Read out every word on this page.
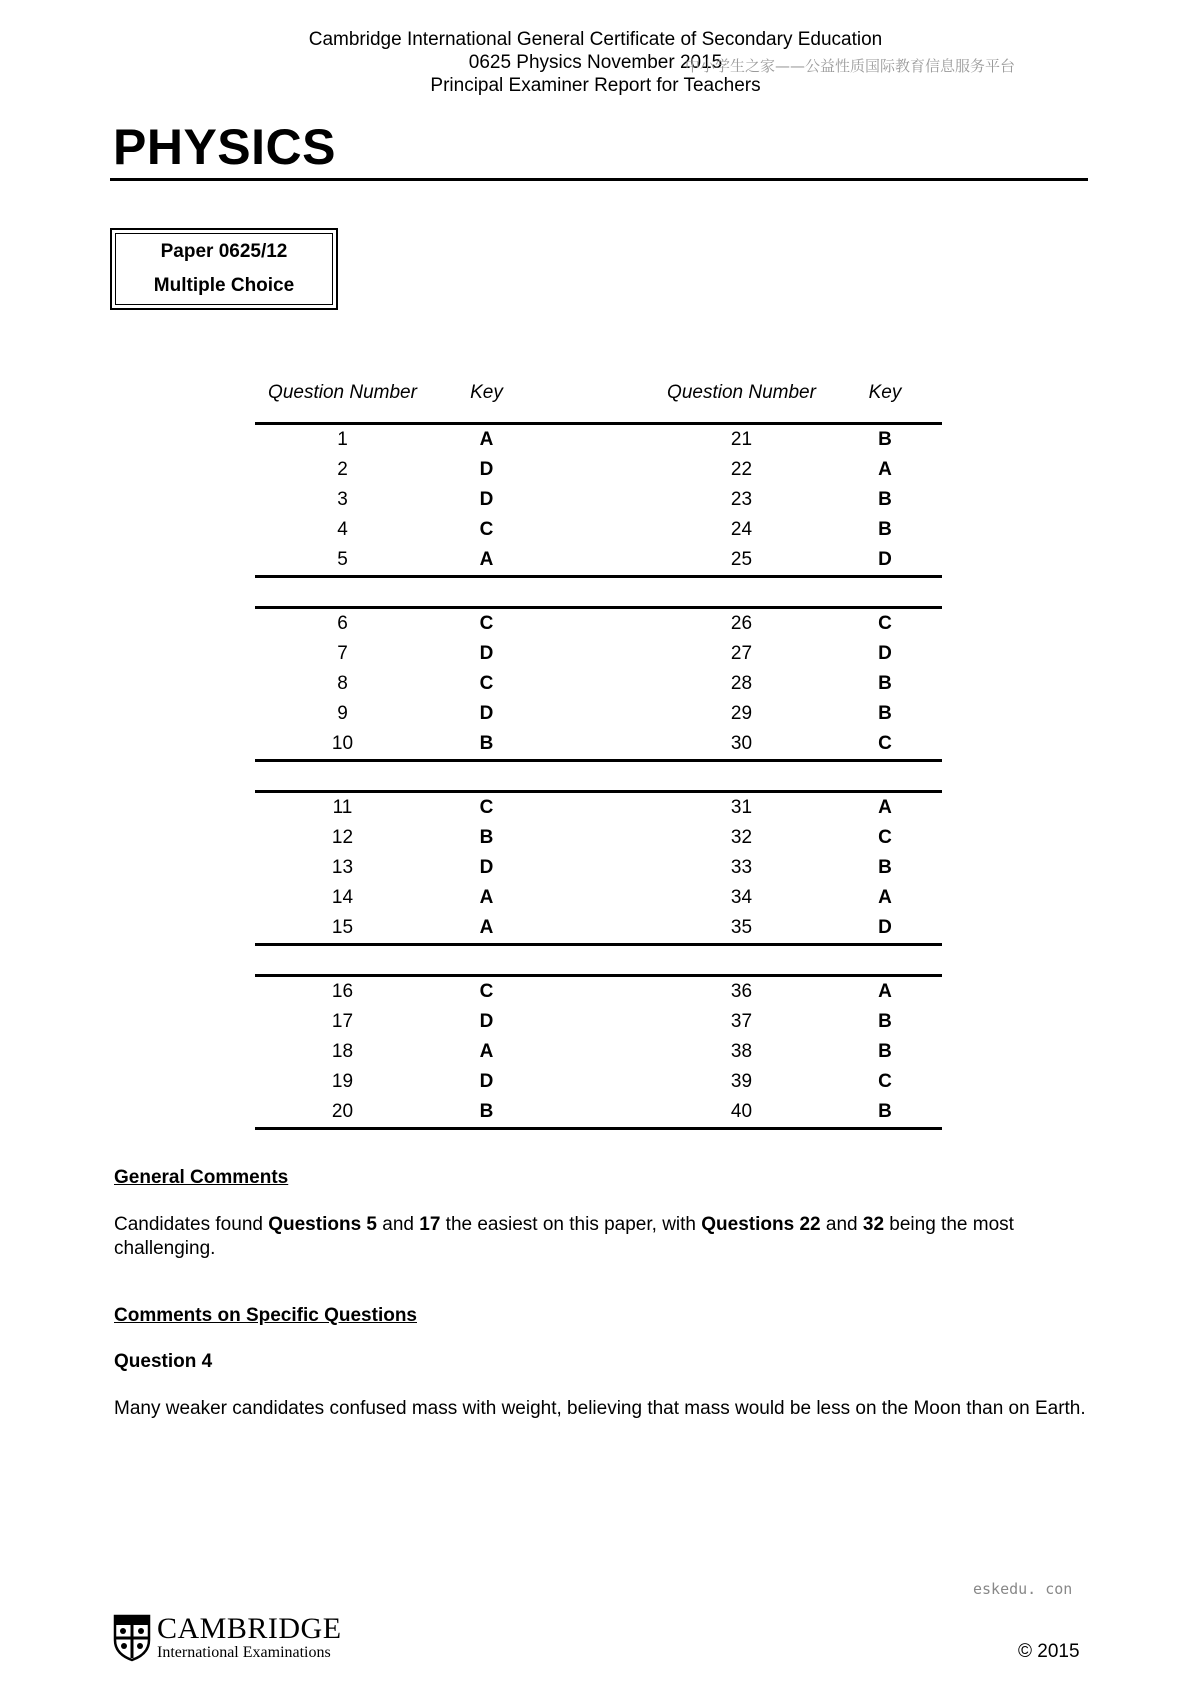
Cambridge International General Certificate of Secondary Education
0625 Physics November 2015
Principal Examiner Report for Teachers
中小学生之家——公益性质国际教育信息服务平台
PHYSICS
Paper 0625/12
Multiple Choice
Question Number	Key		Question Number	Key
1	A		21	B
2	D		22	A
3	D		23	B
4	C		24	B
5	A		25	D

6	C		26	C
7	D		27	D
8	C		28	B
9	D		29	B
10	B		30	C

11	C		31	A
12	B		32	C
13	D		33	B
14	A		34	A
15	A		35	D

16	C		36	A
17	D		37	B
18	A		38	B
19	D		39	C
20	B		40	B
General Comments
Candidates found Questions 5 and 17 the easiest on this paper, with Questions 22 and 32 being the most challenging.
Comments on Specific Questions
Question 4
Many weaker candidates confused mass with weight, believing that mass would be less on the Moon than on Earth.
eskedu. con
CAMBRIDGE
International Examinations	© 2015
